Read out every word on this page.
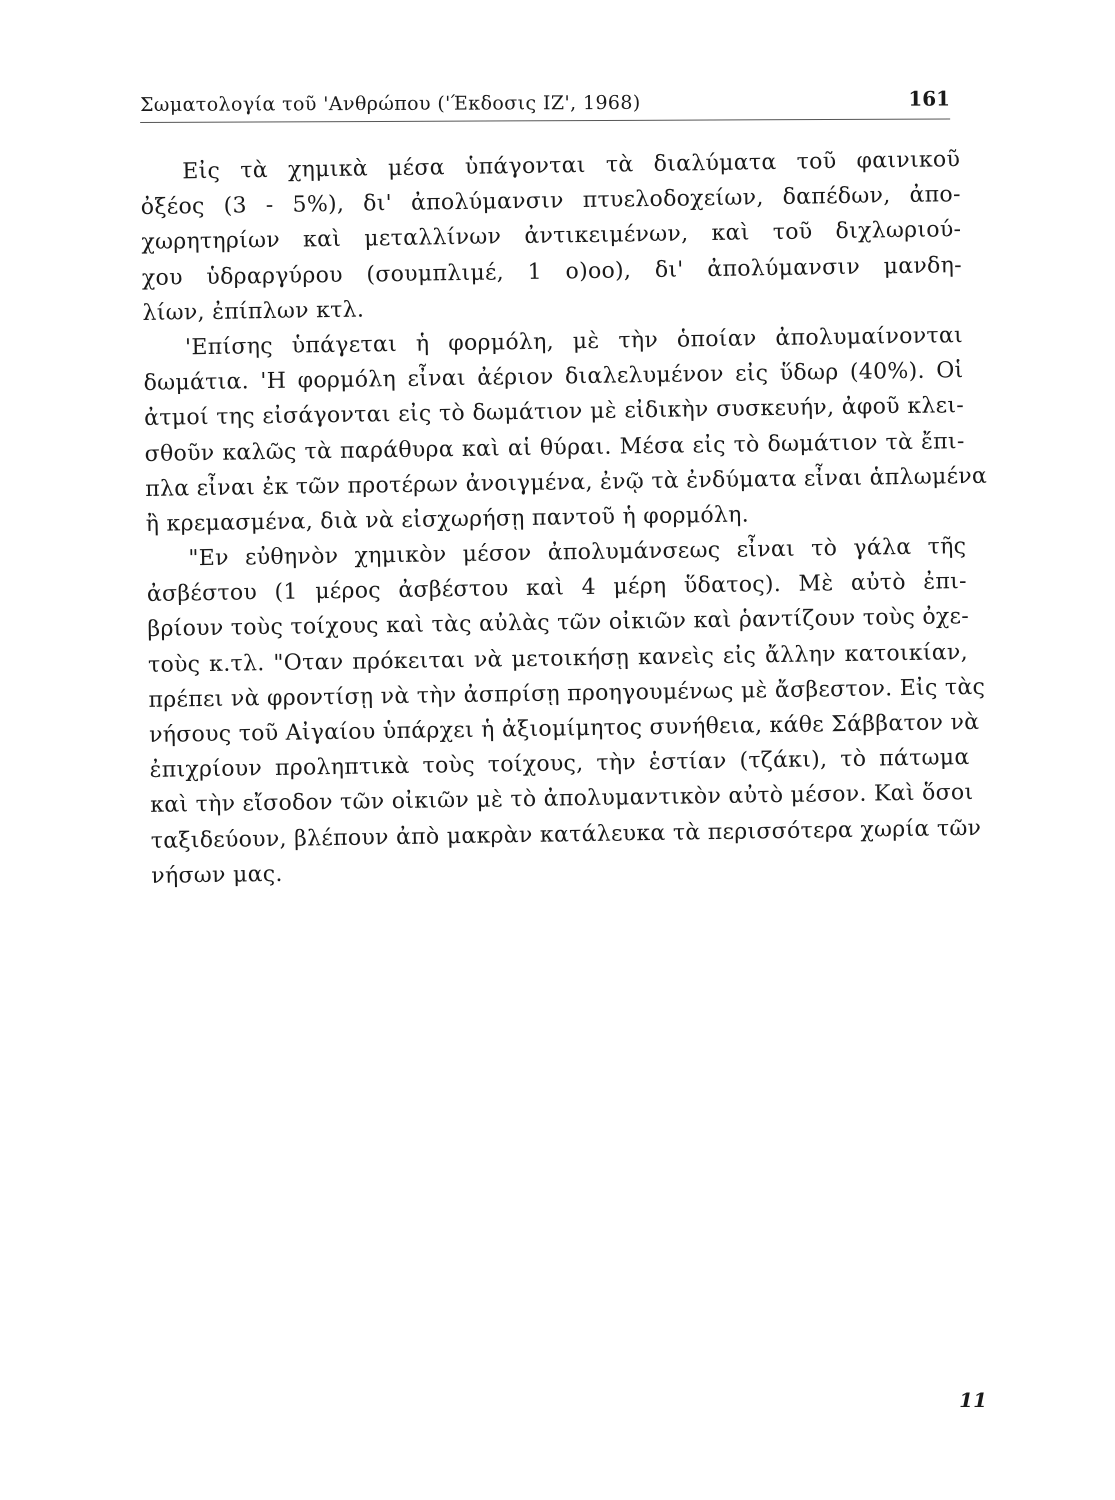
Σωματολογία τοῦ 'Ανθρώπου ('Έκδοσις ΙΖ', 1968)	161
Εἰς τὰ χημικὰ μέσα ὑπάγονται τὰ διαλύματα τοῦ φαινικοῦ
ὀξέος (3 - 5%), δι' ἀπολύμανσιν πτυελοδοχείων, δαπέδων, ἀπο-
χωρητηρίων καὶ μεταλλίνων ἀντικειμένων, καὶ τοῦ διχλωριού-
χου ὑδραργύρου (σουμπλιμέ, 1 ο)οο), δι' ἀπολύμανσιν μανδη-
λίων, ἐπίπλων κτλ.
'Επίσης ὑπάγεται ἡ φορμόλη, μὲ τὴν ὁποίαν ἀπολυμαίνονται
δωμάτια. 'Η φορμόλη εἶναι ἀέριον διαλελυμένον εἰς ὕδωρ (40%). Οἱ
ἀτμοί της εἰσάγονται εἰς τὸ δωμάτιον μὲ εἰδικὴν συσκευήν, ἀφοῦ κλει-
σθοῦν καλῶς τὰ παράθυρα καὶ αἱ θύραι. Μέσα εἰς τὸ δωμάτιον τὰ ἔπι-
πλα εἶναι ἐκ τῶν προτέρων ἀνοιγμένα, ἐνῷ τὰ ἐνδύματα εἶναι ἁπλωμένα
ἢ κρεμασμένα, διὰ νὰ εἰσχωρήσῃ παντοῦ ἡ φορμόλη.
"Εν εὐθηνὸν χημικὸν μέσον ἀπολυμάνσεως εἶναι τὸ γάλα τῆς
ἀσβέστου (1 μέρος ἀσβέστου καὶ 4 μέρη ὕδατος). Μὲ αὐτὸ ἐπι-
βρίουν τοὺς τοίχους καὶ τὰς αὐλὰς τῶν οἰκιῶν καὶ ῥαντίζουν τοὺς ὀχε-
τοὺς κ.τλ. "Οταν πρόκειται νὰ μετοικήσῃ κανεὶς εἰς ἄλλην κατοικίαν,
πρέπει νὰ φροντίσῃ νὰ τὴν ἀσπρίσῃ προηγουμένως μὲ ἄσβεστον. Εἰς τὰς
νήσους τοῦ Αἰγαίου ὑπάρχει ἡ ἀξιομίμητος συνήθεια, κάθε Σάββατον νὰ
ἐπιχρίουν προληπτικὰ τοὺς τοίχους, τὴν ἑστίαν (τζάκι), τὸ πάτωμα
καὶ τὴν εἴσοδον τῶν οἰκιῶν μὲ τὸ ἀπολυμαντικὸν αὐτὸ μέσον. Καὶ ὅσοι
ταξιδεύουν, βλέπουν ἀπὸ μακρὰν κατάλευκα τὰ περισσότερα χωρία τῶν
νήσων μας.
11
